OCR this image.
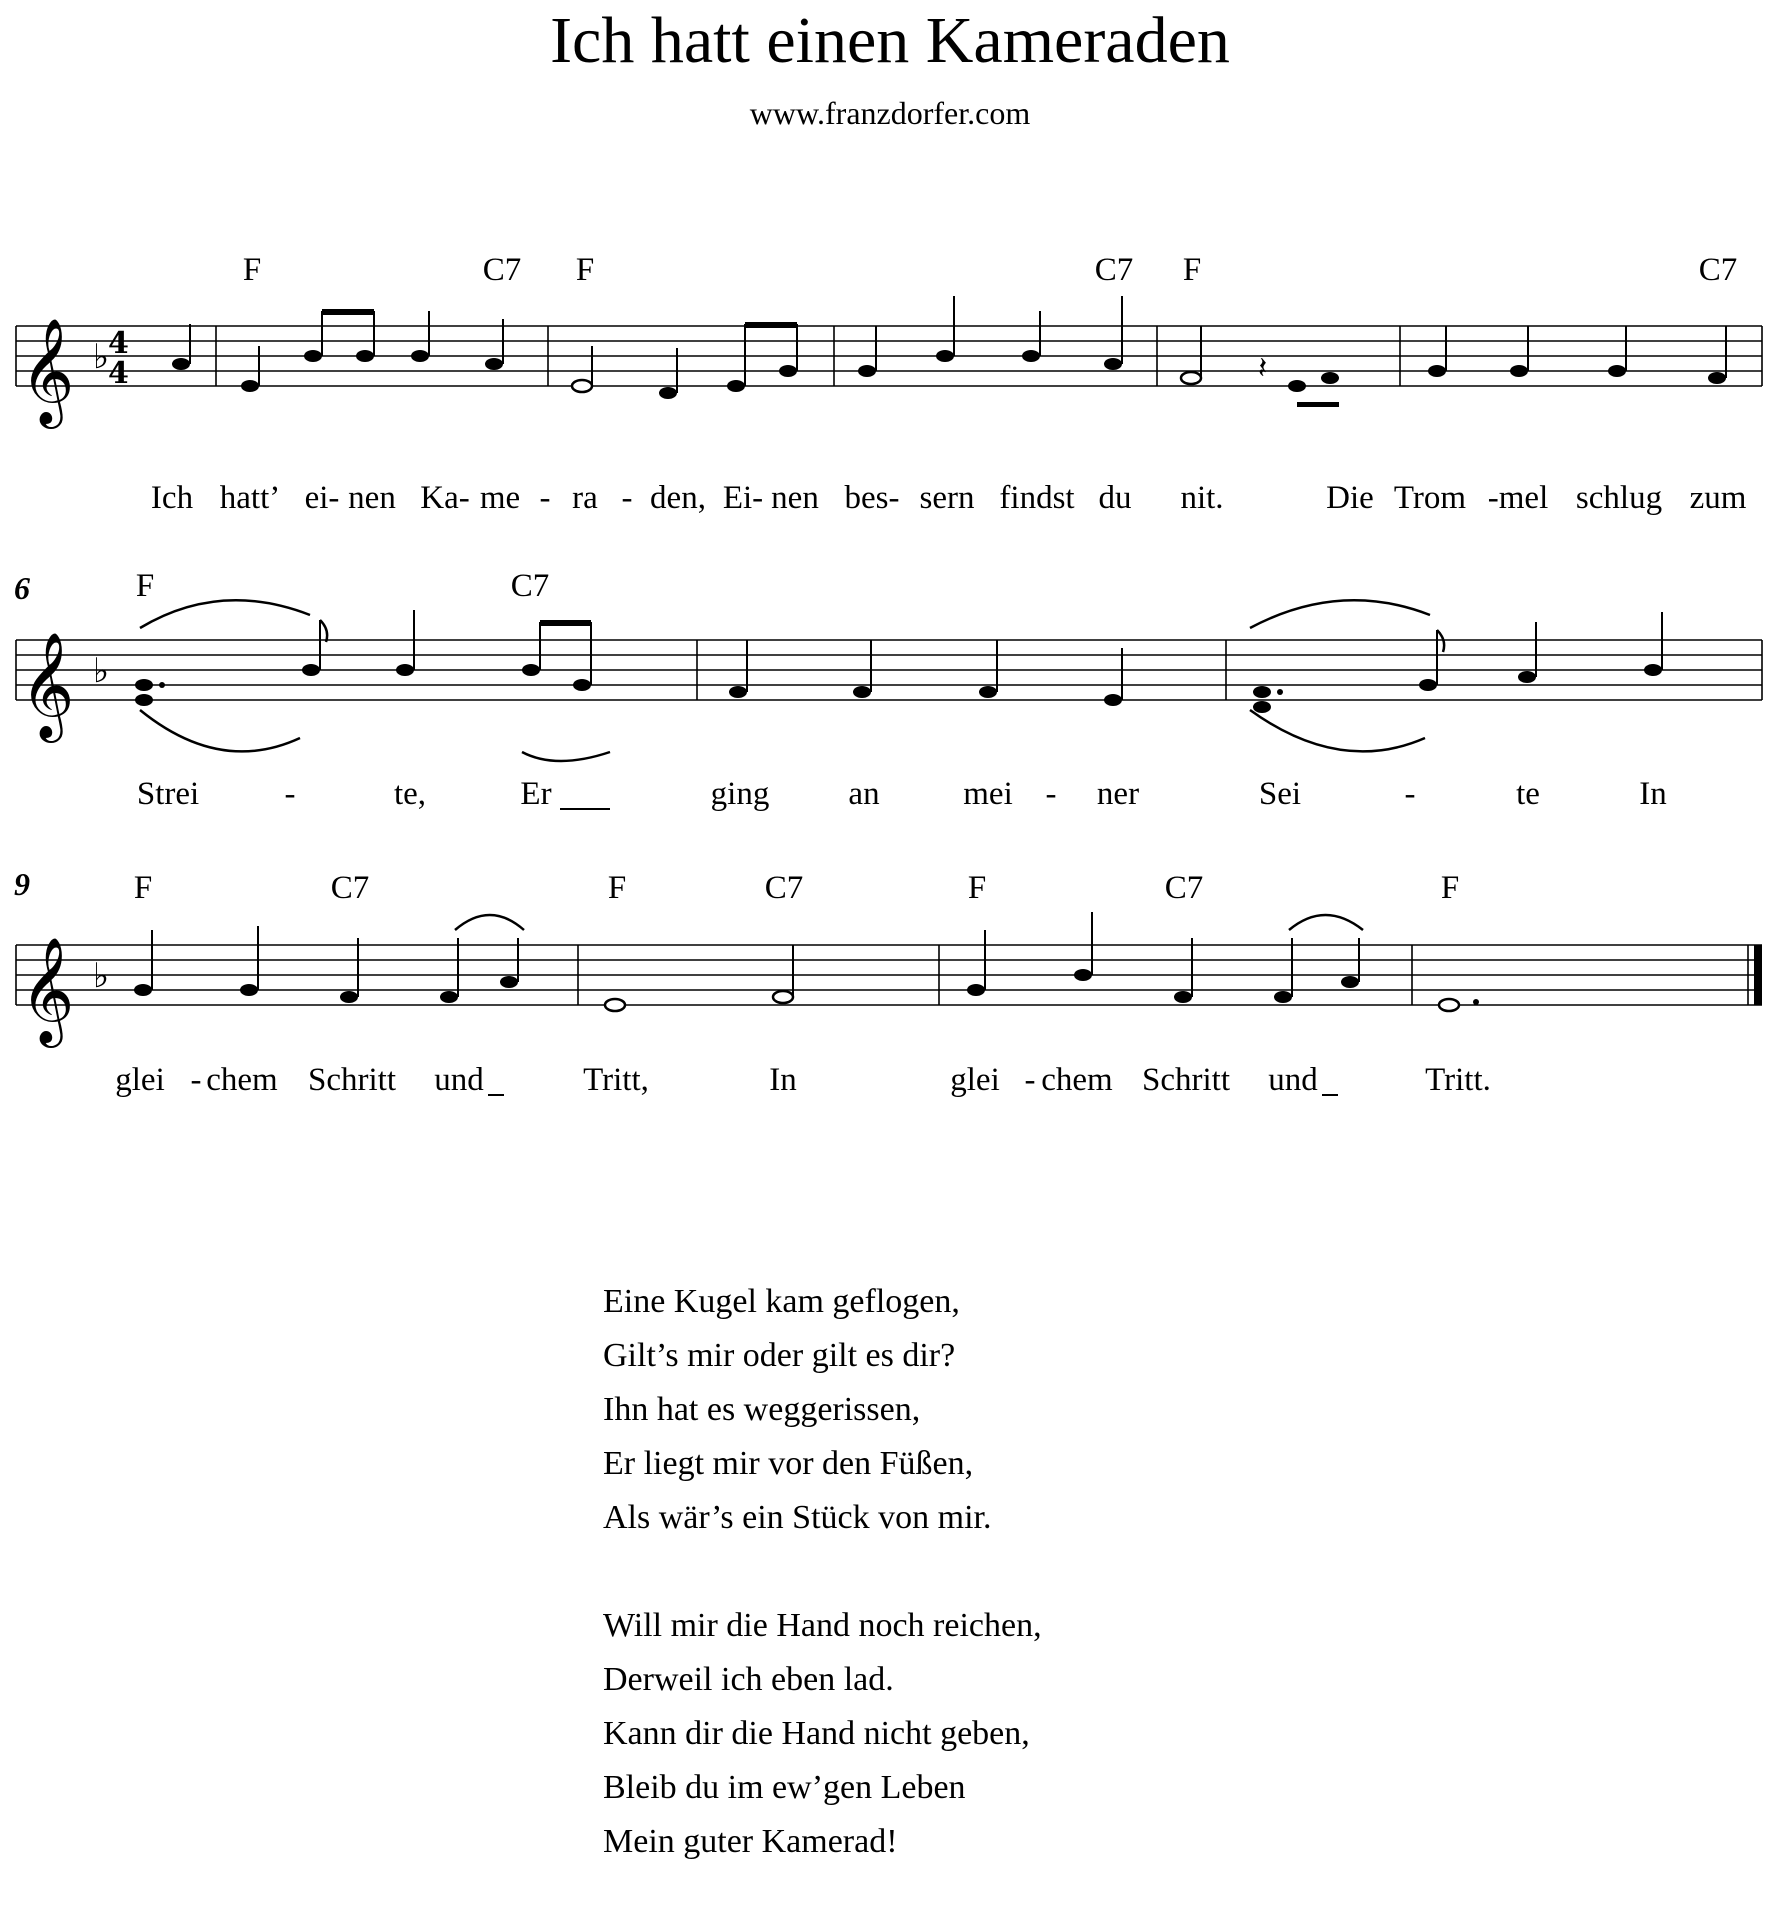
Ich hatt einen Kameraden
www.franzdorfer.com
𝄞 ♭
4
4	𝄽
F	C7 F	C7 F	C7
Ich hatt’ ei- nen Ka- me - ra - den, Ei- nen bes- sern findst du nit.	Die Trom -mel schlug zum
6
𝄞 ♭
F	C7
Strei	-	te,	Er	ging an	mei - ner	Sei	-	te	In
9
𝄞 ♭
F	C7	F	C7	F	C7	F
glei - chem Schritt und	Tritt,	In	glei - chem Schritt und	Tritt.
Eine Kugel kam geflogen,
Gilt’s mir oder gilt es dir?
Ihn hat es weggerissen,
Er liegt mir vor den Füßen,
Als wär’s ein Stück von mir.
Will mir die Hand noch reichen,
Derweil ich eben lad.
Kann dir die Hand nicht geben,
Bleib du im ew’gen Leben
Mein guter Kamerad!
